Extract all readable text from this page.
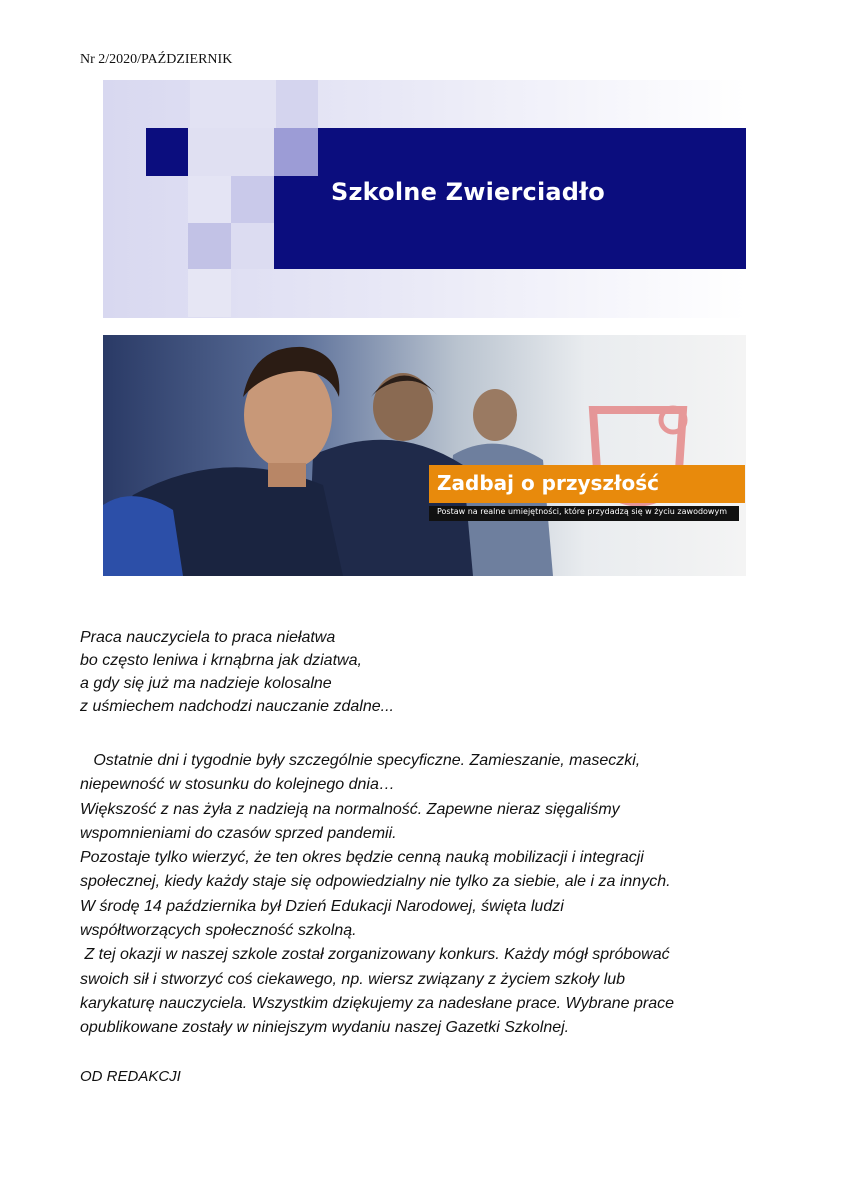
Nr 2/2020/PAŹDZIERNIK
Szkolne Zwierciadło
Zadbaj o przyszłość
Postaw na realne umiejętności, które przydadzą się w życiu zawodowym
Praca nauczyciela to praca niełatwa
bo często leniwa i krnąbrna jak dziatwa,
a gdy się już ma nadzieje kolosalne
z uśmiechem nadchodzi nauczanie zdalne...
Ostatnie dni i tygodnie były szczególnie specyficzne. Zamieszanie, maseczki,
niepewność w stosunku do kolejnego dnia…
Większość z nas żyła z nadzieją na normalność. Zapewne nieraz sięgaliśmy
wspomnieniami do czasów sprzed pandemii.
Pozostaje tylko wierzyć, że ten okres będzie cenną nauką mobilizacji i integracji
społecznej, kiedy każdy staje się odpowiedzialny nie tylko za siebie, ale i za innych.
W środę 14 października był Dzień Edukacji Narodowej, święta ludzi
współtworzących społeczność szkolną.
Z tej okazji w naszej szkole został zorganizowany konkurs. Każdy mógł spróbować
swoich sił i stworzyć coś ciekawego, np. wiersz związany z życiem szkoły lub
karykaturę nauczyciela. Wszystkim dziękujemy za nadesłane prace. Wybrane prace
opublikowane zostały w niniejszym wydaniu naszej Gazetki Szkolnej.
OD REDAKCJI
